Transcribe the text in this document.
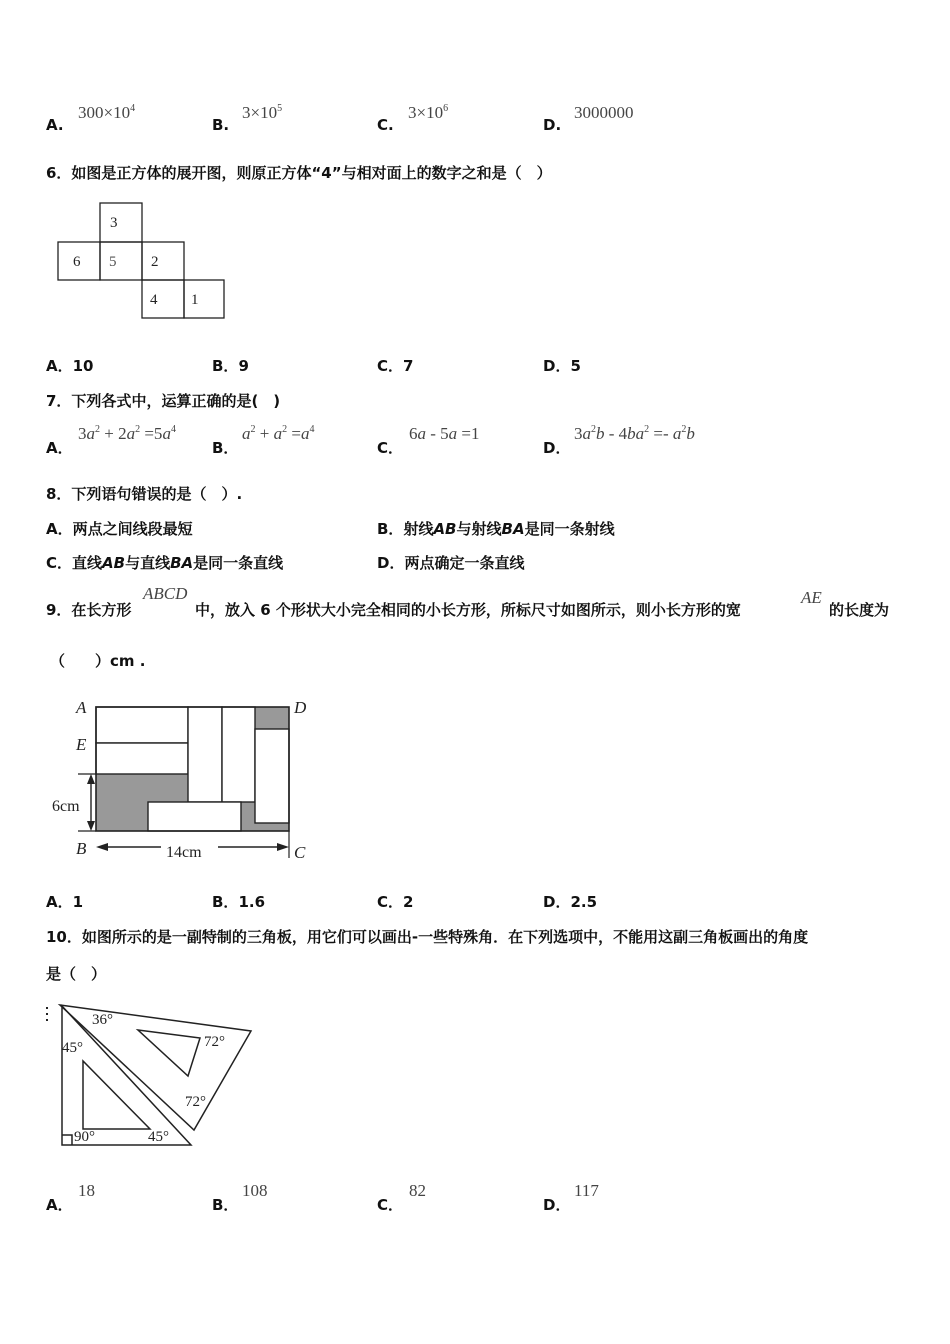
A.
$300\times 10^4$
B.
$3\times 10^5$
C.
$3\times 10^6$
D.
3000000
6．如图是正方体的展开图，则原正方体“4”与相对面上的数字之和是（　）
3
6 5 2
4 1
A．10	B．9	C．7	D．5
7．下列各式中，运算正确的是(　)
A．
$3a^2 + 2a^2 =5a^4$
B．
$a^2 + a^2 =a^4$
C．
6a - 5a =1
D．
$3a^2b - 4ba^2 =- a^2b$
8．下列语句错误的是（　）.
A．两点之间线段最短	B．射线AB与射线BA是同一条射线
C．直线AB与直线BA是同一条直线	D．两点确定一条直线
9．在长方形
ABCD
中，放入 6 个形状大小完全相同的小长方形，所标尺寸如图所示，则小长方形的宽
AE
的长度为
（　　）cm .
A	D
E
B	C
6cm
14cm
A．1	B．1.6	C．2	D．2.5
10．如图所示的是一副特制的三角板，用它们可以画出-一些特殊角．在下列选项中，不能用这副三角板画出的角度
是（　）
36°
72°
72°
45°
45°
90°
A．
18
B．
108
C．
82
D．
117
